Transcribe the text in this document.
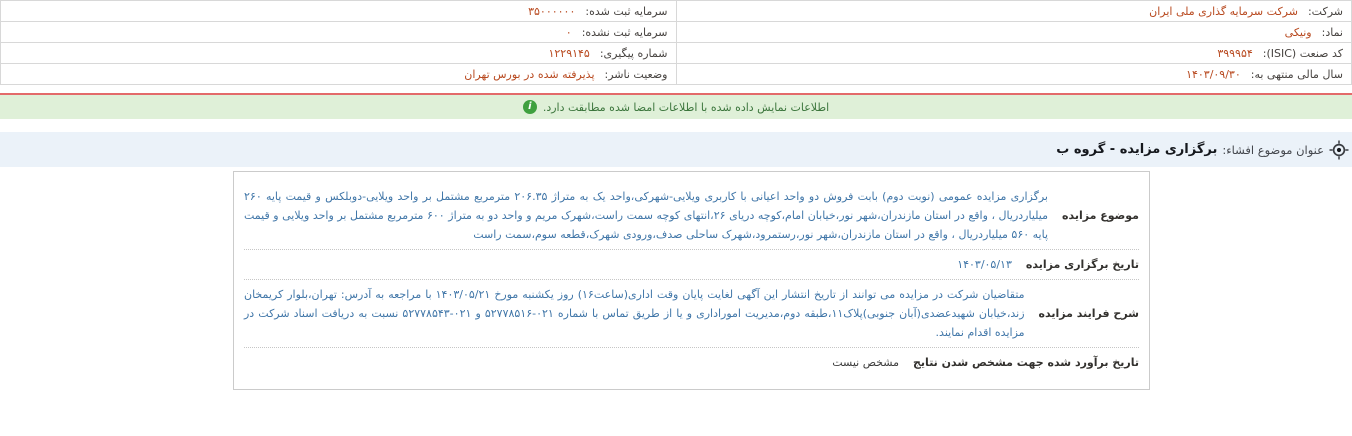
شرکت:شرکت سرمایه گذاری ملی ایران	سرمایه ثبت شده:۳۵۰۰۰۰۰۰
نماد:ونیکی	سرمایه ثبت نشده:۰
کد صنعت (ISIC):۳۹۹۹۵۴	شماره پیگیری:۱۲۲۹۱۴۵
سال مالی منتهی به:۱۴۰۳/۰۹/۳۰	وضعیت ناشر:پذیرفته شده در بورس تهران
اطلاعات نمایش داده شده با اطلاعات امضا شده مطابقت دارد.
i
عنوان موضوع افشاء:
برگزاری مزایده - گروه ب
موضوع مزایده
برگزاری مزایده عمومی (نوبت دوم) بابت فروش دو واحد اعیانی با کاربری ویلایی-شهرکی،واحد یک به متراژ ۲۰۶.۳۵ مترمربع مشتمل بر واحد ویلایی-دوبلکس و قیمت پایه ۲۶۰ میلیاردریال ، واقع در استان مازندران،شهر نور،خیابان امام،کوچه دریای ۲۶،انتهای کوچه سمت راست،شهرک مریم و واحد دو به متراژ ۶۰۰ مترمربع مشتمل بر واحد ویلایی و قیمت پایه ۵۶۰ میلیاردریال ، واقع در استان مازندران،شهر نور،رستمرود،شهرک ساحلی صدف،ورودی شهرک،قطعه سوم،سمت راست
تاریخ برگزاری مزایده
۱۴۰۳/۰۵/۱۳
شرح فرایند مزایده
متقاضیان شرکت در مزایده می توانند از تاریخ انتشار این آگهی لغایت پایان وقت اداری(ساعت۱۶) روز یکشنبه مورخ ۱۴۰۳/۰۵/۲۱ با مراجعه به آدرس: تهران،بلوار کریمخان زند،خیابان شهیدعضدی(آبان جنوبی)پلاک۱۱،طبقه دوم،مدیریت اموراداری و یا از طریق تماس با شماره ۰۲۱-۵۲۷۷۸۵۱۶ و ۰۲۱-۵۲۷۷۸۵۴۳ نسبت به دریافت اسناد شرکت در مزایده اقدام نمایند.
تاریخ برآورد شده جهت مشخص شدن نتایج
مشخص نیست
